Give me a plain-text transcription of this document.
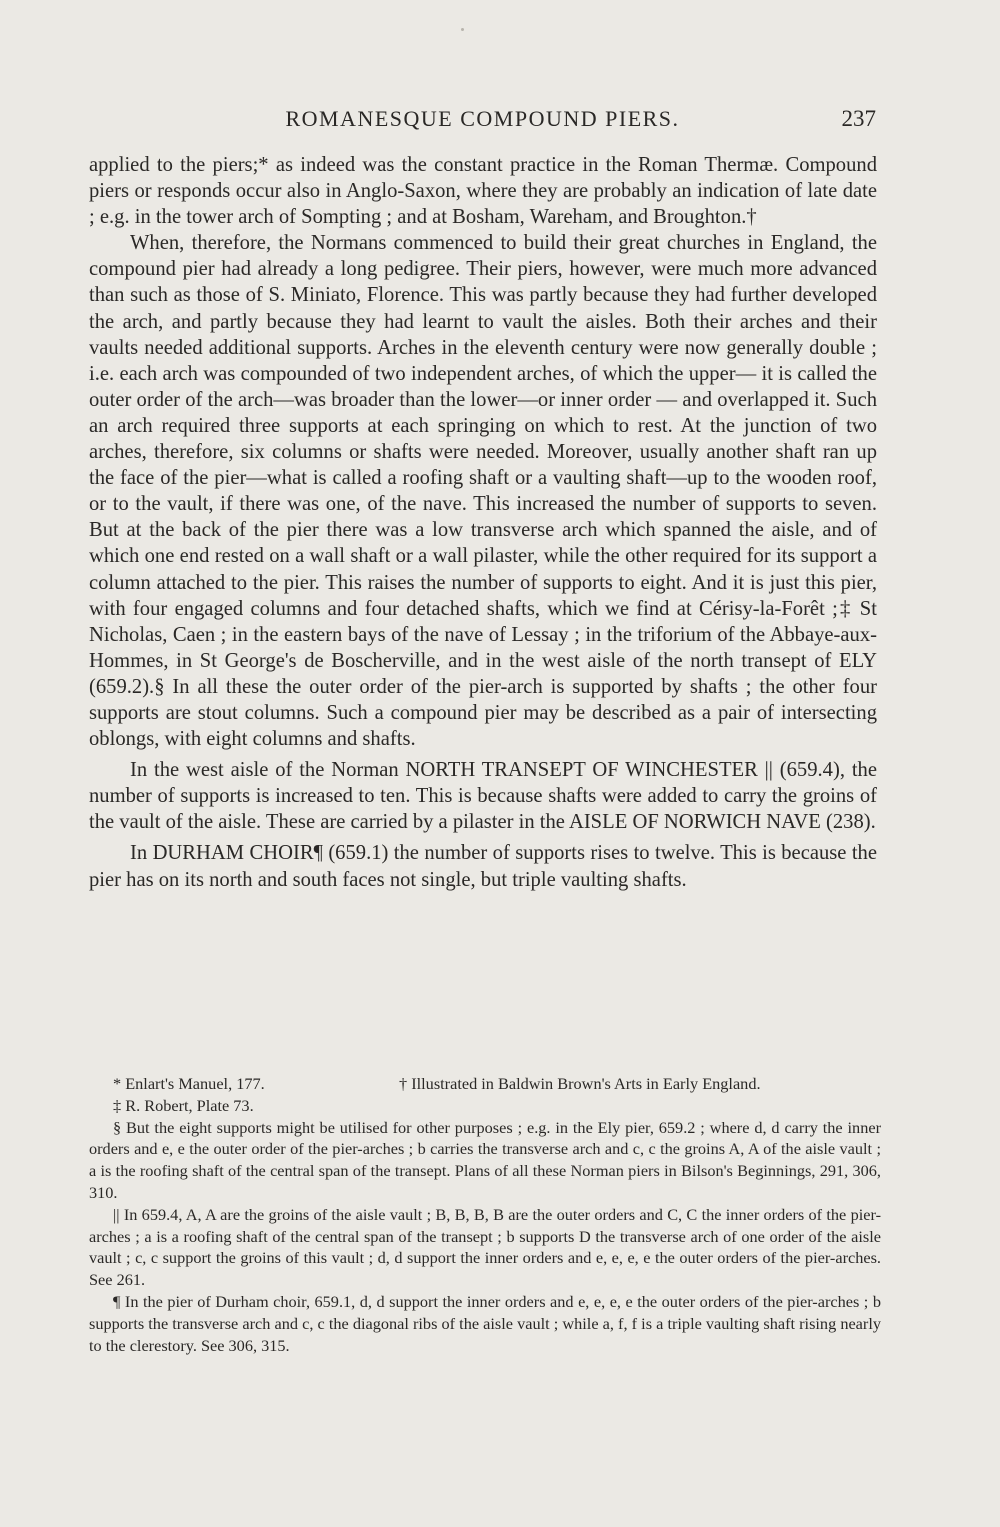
ROMANESQUE COMPOUND PIERS.	237

applied to the piers;* as indeed was the constant practice in the Roman Thermæ. Compound piers or responds occur also in Anglo-Saxon, where they are probably an indication of late date ; e.g. in the tower arch of Sompting ; and at Bosham, Wareham, and Broughton.†

When, therefore, the Normans commenced to build their great churches in England, the compound pier had already a long pedigree. Their piers, however, were much more advanced than such as those of S. Miniato, Florence. This was partly because they had further developed the arch, and partly because they had learnt to vault the aisles. Both their arches and their vaults needed additional supports. Arches in the eleventh century were now generally double ; i.e. each arch was compounded of two independent arches, of which the upper— it is called the outer order of the arch—was broader than the lower—or inner order — and overlapped it. Such an arch required three supports at each springing on which to rest. At the junction of two arches, therefore, six columns or shafts were needed. Moreover, usually another shaft ran up the face of the pier—what is called a roofing shaft or a vaulting shaft—up to the wooden roof, or to the vault, if there was one, of the nave. This increased the number of supports to seven. But at the back of the pier there was a low transverse arch which spanned the aisle, and of which one end rested on a wall shaft or a wall pilaster, while the other required for its support a column attached to the pier. This raises the number of supports to eight. And it is just this pier, with four engaged columns and four detached shafts, which we find at Cérisy-la-Forêt ;‡ St Nicholas, Caen ; in the eastern bays of the nave of Lessay ; in the triforium of the Abbaye-aux-Hommes, in St George's de Boscherville, and in the west aisle of the north transept of ELY (659.2).§ In all these the outer order of the pier-arch is supported by shafts ; the other four supports are stout columns. Such a compound pier may be described as a pair of intersecting oblongs, with eight columns and shafts.

In the west aisle of the Norman NORTH TRANSEPT OF WINCHESTER || (659.4), the number of supports is increased to ten. This is because shafts were added to carry the groins of the vault of the aisle. These are carried by a pilaster in the AISLE OF NORWICH NAVE (238).

In DURHAM CHOIR¶ (659.1) the number of supports rises to twelve. This is because the pier has on its north and south faces not single, but triple vaulting shafts.

* Enlart's Manuel, 177.	† Illustrated in Baldwin Brown's Arts in Early England.

‡ R. Robert, Plate 73.

§ But the eight supports might be utilised for other purposes ; e.g. in the Ely pier, 659.2 ; where d, d carry the inner orders and e, e the outer order of the pier-arches ; b carries the transverse arch and c, c the groins A, A of the aisle vault ; a is the roofing shaft of the central span of the transept. Plans of all these Norman piers in Bilson's Beginnings, 291, 306, 310.

|| In 659.4, A, A are the groins of the aisle vault ; B, B, B, B are the outer orders and C, C the inner orders of the pier-arches ; a is a roofing shaft of the central span of the transept ; b supports D the transverse arch of one order of the aisle vault ; c, c support the groins of this vault ; d, d support the inner orders and e, e, e, e the outer orders of the pier-arches. See 261.

¶ In the pier of Durham choir, 659.1, d, d support the inner orders and e, e, e, e the outer orders of the pier-arches ; b supports the transverse arch and c, c the diagonal ribs of the aisle vault ; while a, f, f is a triple vaulting shaft rising nearly to the clerestory. See 306, 315.
